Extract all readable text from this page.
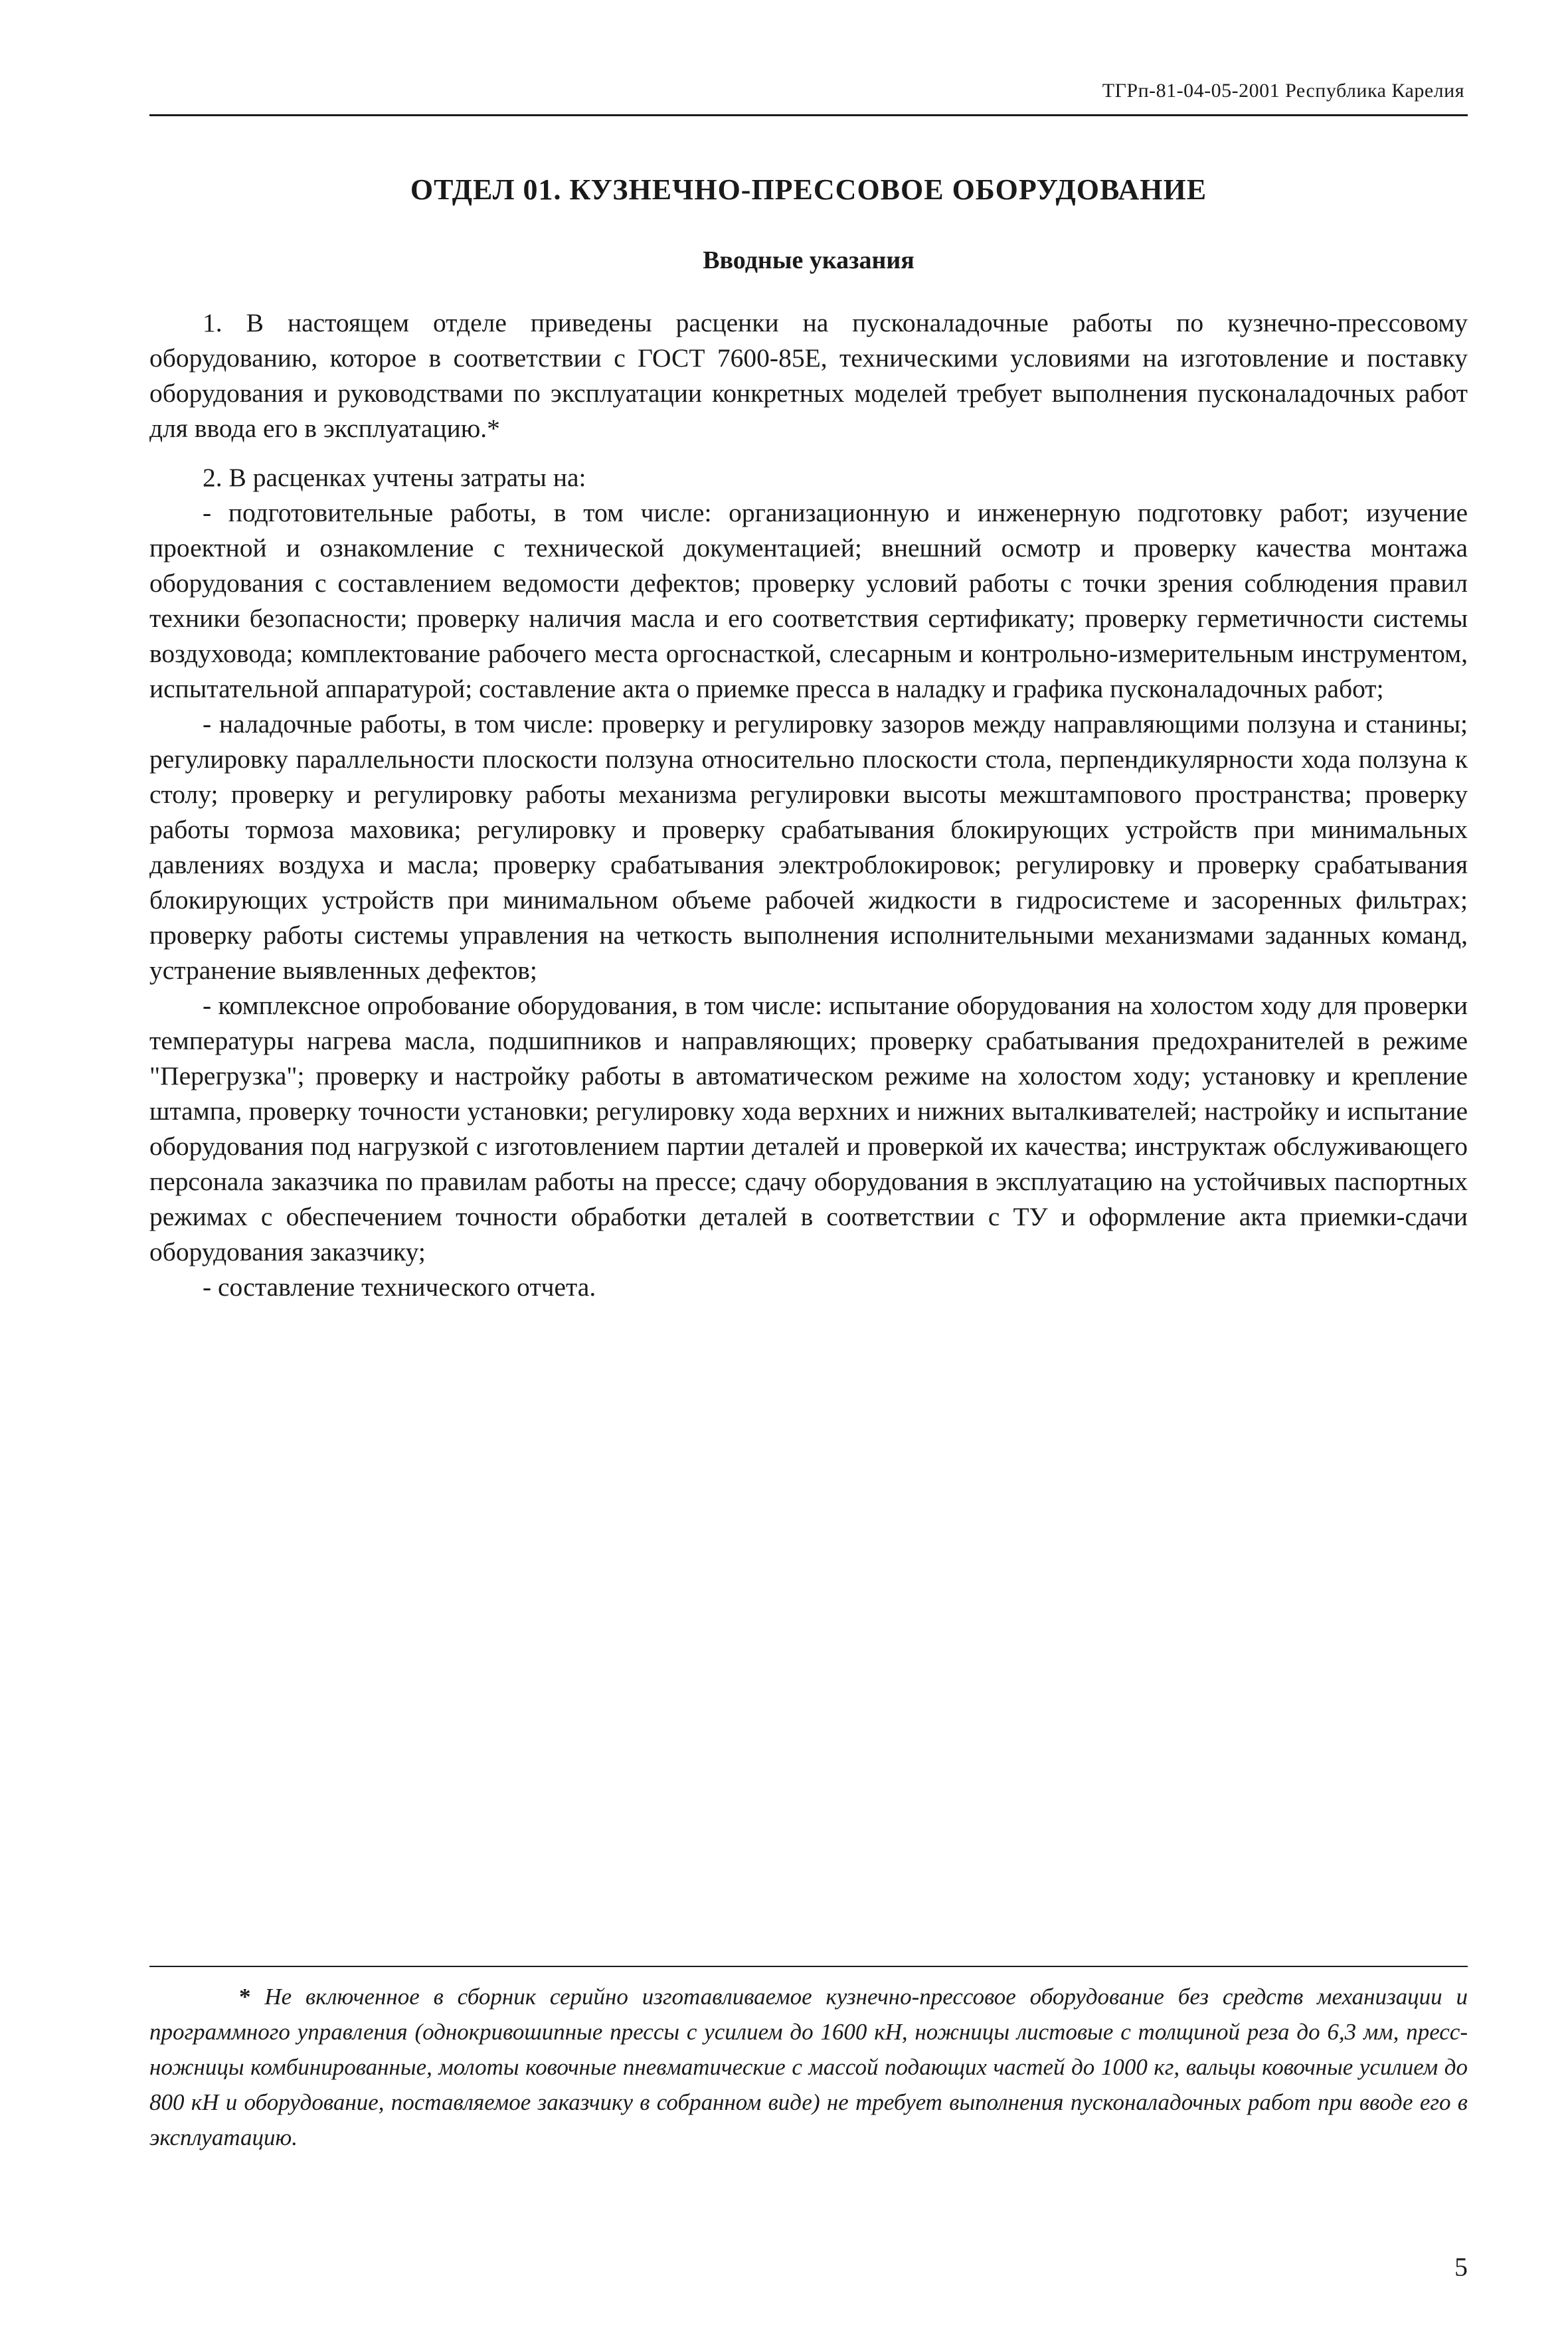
ТГРп-81-04-05-2001 Республика Карелия
ОТДЕЛ 01. КУЗНЕЧНО-ПРЕССОВОЕ ОБОРУДОВАНИЕ
Вводные указания

1. В настоящем отделе приведены расценки на пусконаладочные работы по кузнечно-прессовому оборудованию, которое в соответствии с ГОСТ 7600-85Е, техническими условиями на изготовление и поставку оборудования и руководствами по эксплуатации конкретных моделей требует выполнения пусконаладочных работ для ввода его в эксплуатацию.*

2. В расценках учтены затраты на:

- подготовительные работы, в том числе: организационную и инженерную подготовку работ; изучение проектной и ознакомление с технической документацией; внешний осмотр и проверку качества монтажа оборудования с составлением ведомости дефектов; проверку условий работы с точки зрения соблюдения правил техники безопасности; проверку наличия масла и его соответствия сертификату; проверку герметичности системы воздуховода; комплектование рабочего места оргоснасткой, слесарным и контрольно-измерительным инструментом, испытательной аппаратурой; составление акта о приемке пресса в наладку и графика пусконаладочных работ;

- наладочные работы, в том числе: проверку и регулировку зазоров между направляющими ползуна и станины; регулировку параллельности плоскости ползуна относительно плоскости стола, перпендикулярности хода ползуна к столу; проверку и регулировку работы механизма регулировки высоты межштампового пространства; проверку работы тормоза маховика; регулировку и проверку срабатывания блокирующих устройств при минимальных давлениях воздуха и масла; проверку срабатывания электроблокировок; регулировку и проверку срабатывания блокирующих устройств при минимальном объеме рабочей жидкости в гидросистеме и засоренных фильтрах; проверку работы системы управления на четкость выполнения исполнительными механизмами заданных команд, устранение выявленных дефектов;

- комплексное опробование оборудования, в том числе: испытание оборудования на холостом ходу для проверки температуры нагрева масла, подшипников и направляющих; проверку срабатывания предохранителей в режиме "Перегрузка"; проверку и настройку работы в автоматическом режиме на холостом ходу; установку и крепление штампа, проверку точности установки; регулировку хода верхних и нижних выталкивателей; настройку и испытание оборудования под нагрузкой с изготовлением партии деталей и проверкой их качества; инструктаж обслуживающего персонала заказчика по правилам работы на прессе; сдачу оборудования в эксплуатацию на устойчивых паспортных режимах с обеспечением точности обработки деталей в соответствии с ТУ и оформление акта приемки-сдачи оборудования заказчику;

- составление технического отчета.

* Не включенное в сборник серийно изготавливаемое кузнечно-прессовое оборудование без средств механизации и программного управления (однокривошипные прессы с усилием до 1600 кН, ножницы листовые с толщиной реза до 6,3 мм, пресс-ножницы комбинированные, молоты ковочные пневматические с массой подающих частей до 1000 кг, вальцы ковочные усилием до 800 кН и оборудование, поставляемое заказчику в собранном виде) не требует выполнения пусконаладочных работ при вводе его в эксплуатацию.
5
